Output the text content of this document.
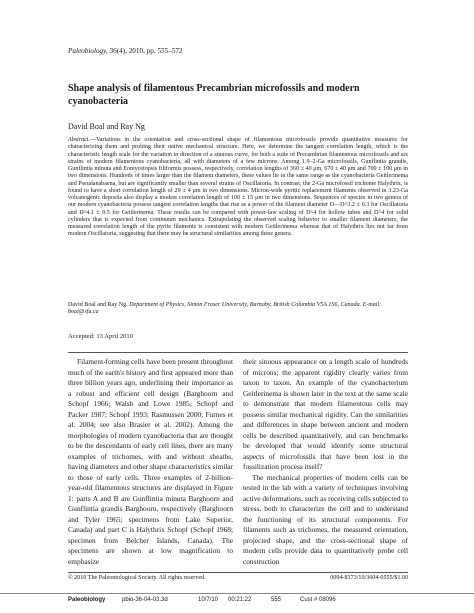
Paleobiology, 36(4), 2010, pp. 555–572
Shape analysis of filamentous Precambrian microfossils and modern cyanobacteria
David Boal and Ray Ng
Abstract.—Variations in the orientation and cross-sectional shape of filamentous microfossils provide quantitative measures for characterizing them and probing their native mechanical structure. Here, we determine the tangent correlation length, which is the characteristic length scale for the variation in direction of a sinuous curve, for both a suite of Precambrian filamentous microfossils and six strains of modern filamentous cyanobacteria, all with diameters of a few microns. Among 1.9–2-Ga microfossils, Gunflintia grandis, Gunflintia minuta and Eomycetopsis filiformis possess, respectively, correlation lengths of 360 ± 40 μm, 670 ± 40 μm and 700 ± 100 μm in two dimensions. Hundreds of times larger than the filament diameters, these values lie in the same range as the cyanobacteria Geitlerinema and Pseudanabaena, but are significantly smaller than several strains of Oscillatoria. In contrast, the 2-Ga microfossil trichome Halythrix, is found to have a short correlation length of 29 ± 4 μm in two dimensions. Micron-wide pyritic replacement filaments observed in 3.23-Ga volcanogenic deposits also display a modest correlation length of 100 ± 15 μm in two dimensions. Sequences of species in two genera of our modern cyanobacteria possess tangent correlation lengths that rise as a power of the filament diameter D—D^3.2 ± 0.3 for Oscillatoria and D^4.1 ± 0.5 for Geitlerinema. These results can be compared with power-law scaling of D^4 for hollow tubes and D^4 for solid cylinders that is expected from continuum mechanics. Extrapolating the observed scaling behavior to smaller filament diameters, the measured correlation length of the pyrite filaments is consistent with modern Geitlerinema whereas that of Halythrix lies not far from modern Oscillatoria, suggesting that there may be structural similarities among these genera.
David Boal and Ray Ng. Department of Physics, Simon Fraser University, Burnaby, British Columbia V5A 1S6, Canada. E-mail: boal@sfu.ca
Accepted: 13 April 2010

Filament-forming cells have been present throughout much of the earth's history and first appeared more than three billion years ago, underlining their importance as a robust and efficient cell design (Barghoorn and Schopf 1966; Walsh and Lowe 1985; Schopf and Packer 1987; Schopf 1993; Rasmussen 2000; Furnes et al. 2004; see also Brasier et al. 2002). Among the morphologies of modern cyanobacteria that are thought to be the descendants of early cell lines, there are many examples of trichomes, with and without sheaths, having diameters and other shape characteristics similar to those of early cells. Three examples of 2-billion-year-old filamentous structures are displayed in Figure 1: parts A and B are Gunflintia minuta Barghoorn and Gunflintia grandis Barghoorn, respectively (Barghoorn and Tyler 1965; specimens from Lake Superior, Canada) and part C is Halythrix Schopf (Schopf 1968; specimen from Belcher Islands, Canada). The specimens are shown at low magnification to emphasize

their sinuous appearance on a length scale of hundreds of microns; the apparent rigidity clearly varies from taxon to taxon. An example of the cyanobacterium Geitlerinema is shown later in the text at the same scale to demonstrate that modern filamentous cells may possess similar mechanical rigidity. Can the similarities and differences in shape between ancient and modern cells be described quantitatively, and can benchmarks be developed that would identify some structural aspects of microfossils that have been lost in the fossilization process itself?

The mechanical properties of modern cells can be tested in the lab with a variety of techniques involving active deformations, such as receiving cells subjected to stress, both to characterize the cell and to understand the functioning of its structural components. For filaments such as trichomes, the measured orientation, projected shape, and the cross-sectional shape of modern cells provide data to quantitatively probe cell construction

© 2010 The Paleontological Society. All rights reserved.	0094-8373/10/3604-0555/$1.00
Paleobiology	pbio-36-04-03.3d	10/7/10 00:21:22	555	Cust # 08096
